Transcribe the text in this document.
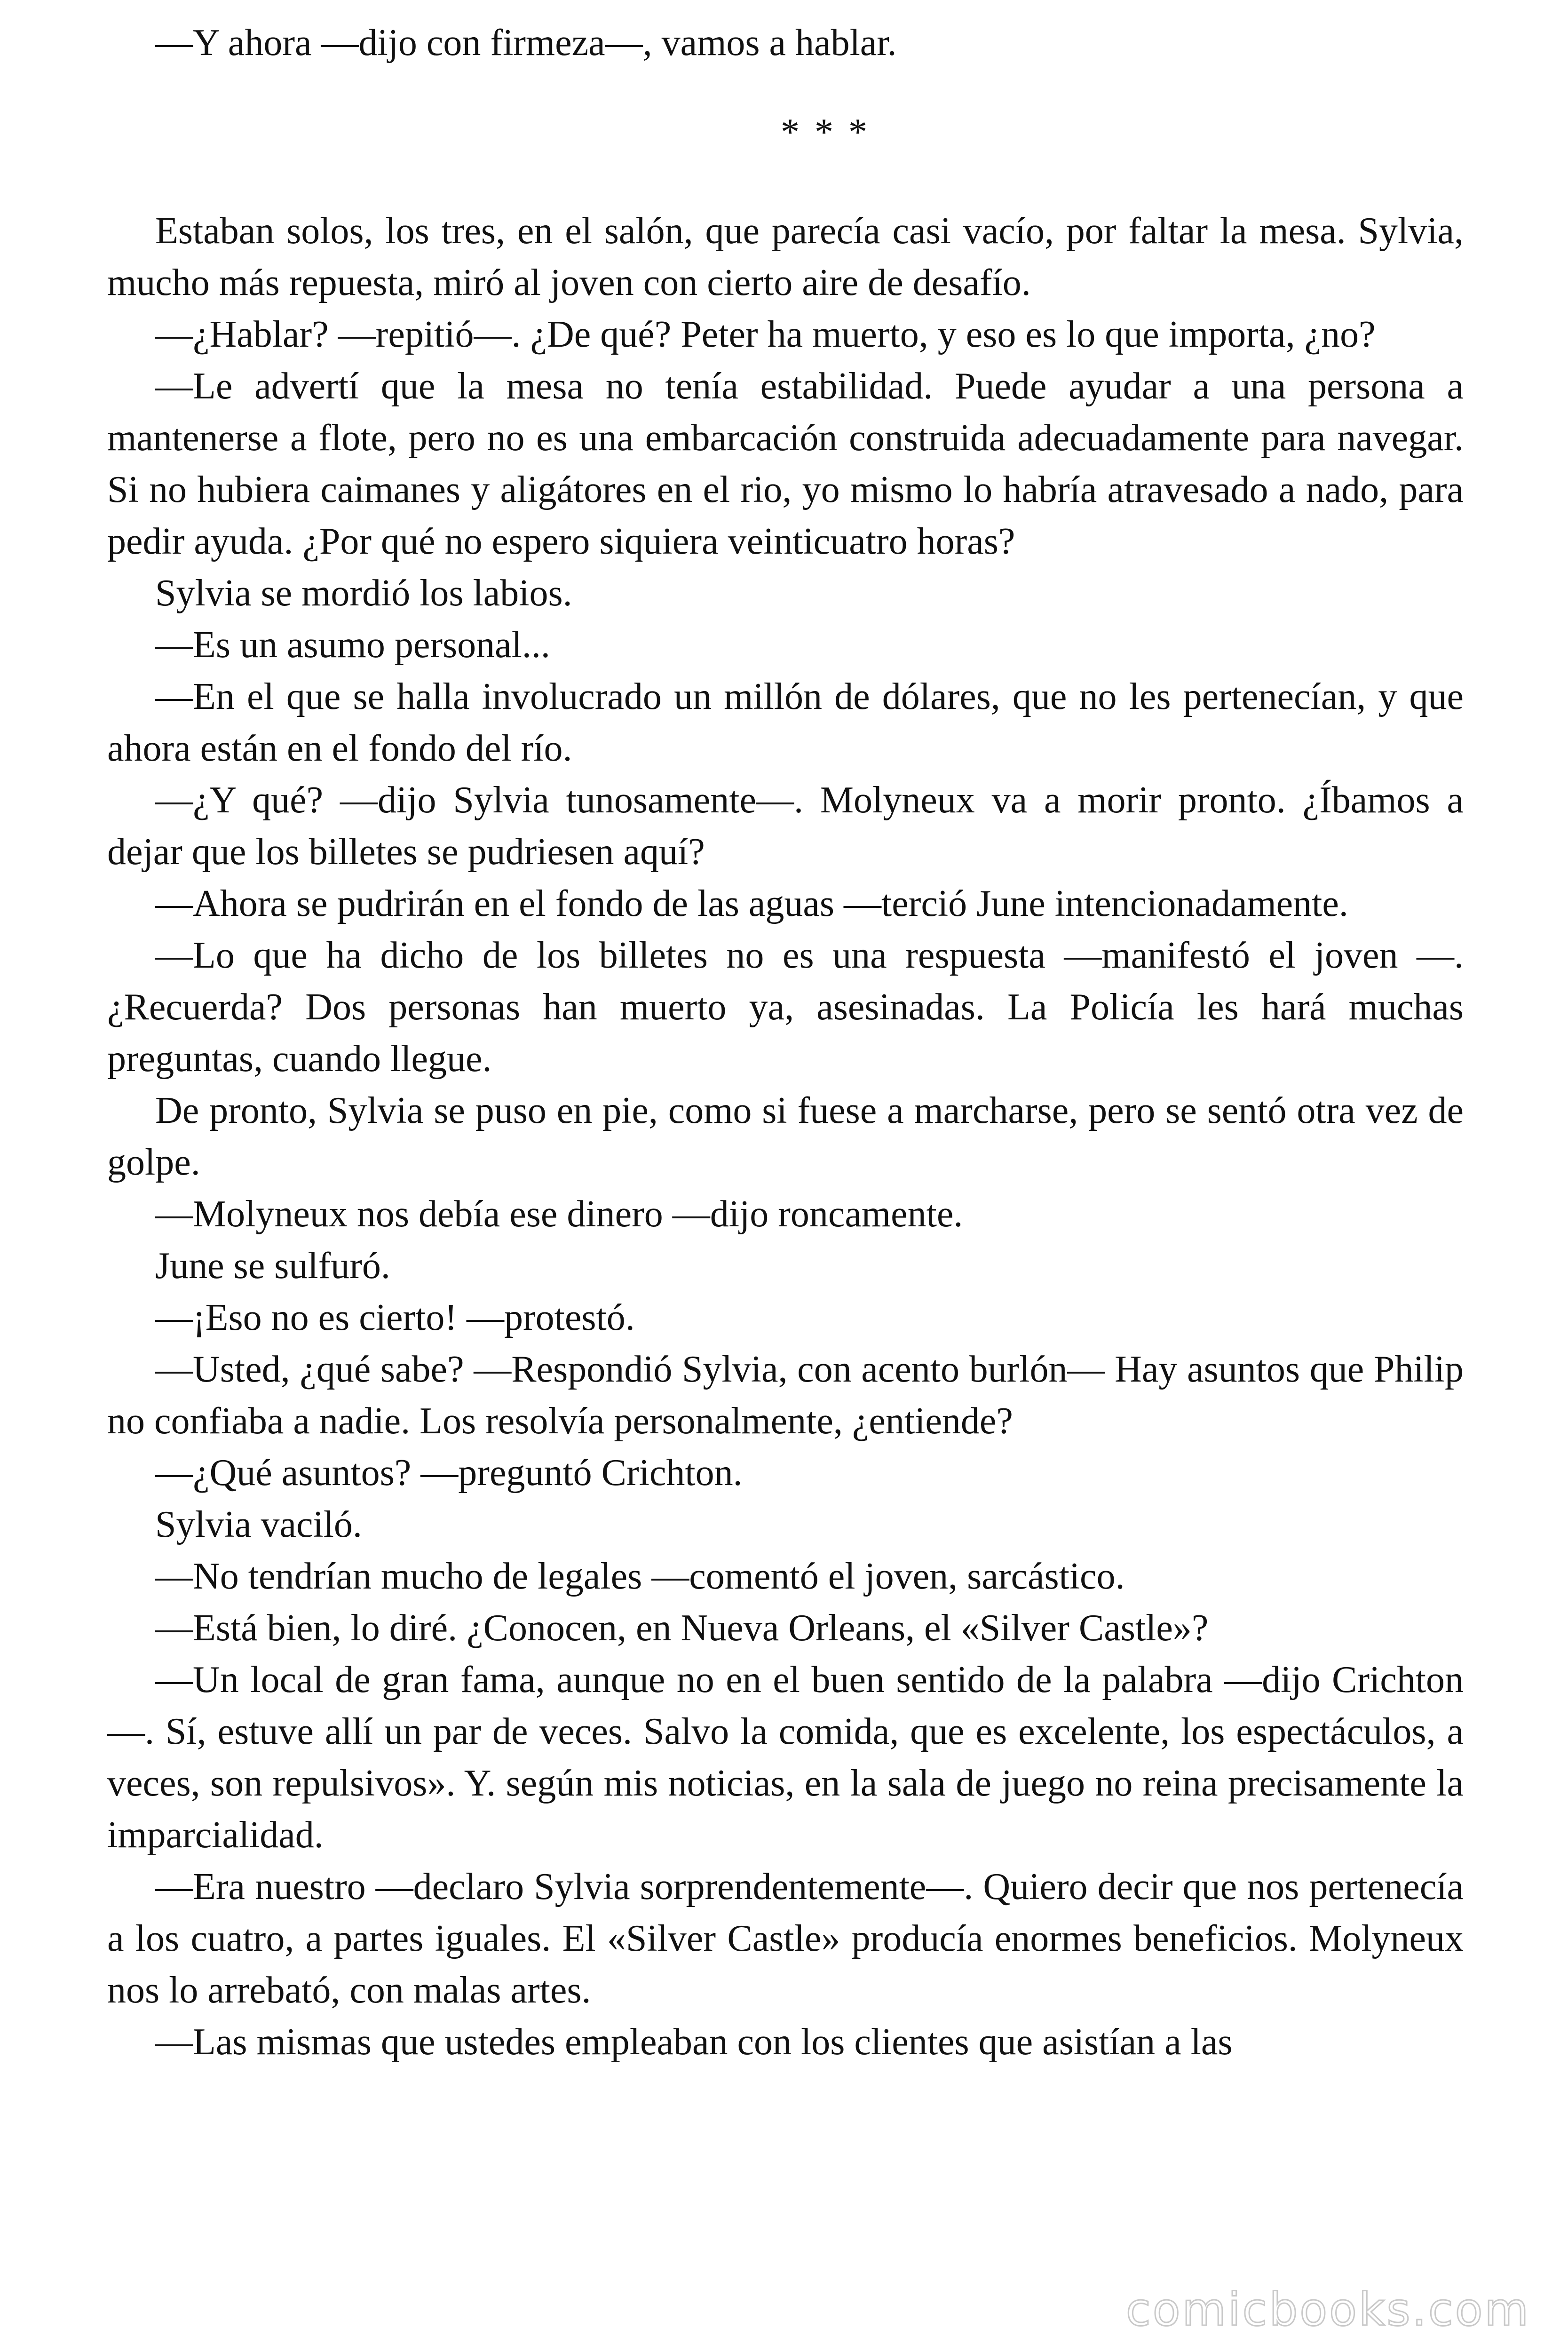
—Y ahora —dijo con firmeza—, vamos a hablar.

* * *

Estaban solos, los tres, en el salón, que parecía casi vacío, por faltar la mesa. Sylvia, mucho más repuesta, miró al joven con cierto aire de desafío.

—¿Hablar? —repitió—. ¿De qué? Peter ha muerto, y eso es lo que importa, ¿no?

—Le advertí que la mesa no tenía estabilidad. Puede ayudar a una persona a mantenerse a flote, pero no es una embarcación construida adecuadamente para navegar. Si no hubiera caimanes y aligátores en el rio, yo mismo lo habría atravesado a nado, para pedir ayuda. ¿Por qué no espero siquiera veinticuatro horas?

Sylvia se mordió los labios.

—Es un asumo personal...

—En el que se halla involucrado un millón de dólares, que no les pertenecían, y que ahora están en el fondo del río.

—¿Y qué? —dijo Sylvia tunosamente—. Molyneux va a morir pronto. ¿Íbamos a dejar que los billetes se pudriesen aquí?

—Ahora se pudrirán en el fondo de las aguas —terció June intencionadamente.

—Lo que ha dicho de los billetes no es una respuesta —manifestó el joven —. ¿Recuerda? Dos personas han muerto ya, asesinadas. La Policía les hará muchas preguntas, cuando llegue.

De pronto, Sylvia se puso en pie, como si fuese a marcharse, pero se sentó otra vez de golpe.

—Molyneux nos debía ese dinero —dijo roncamente.

June se sulfuró.

—¡Eso no es cierto! —protestó.

—Usted, ¿qué sabe? —Respondió Sylvia, con acento burlón— Hay asuntos que Philip no confiaba a nadie. Los resolvía personalmente, ¿entiende?

—¿Qué asuntos? —preguntó Crichton.

Sylvia vaciló.

—No tendrían mucho de legales —comentó el joven, sarcástico.

—Está bien, lo diré. ¿Conocen, en Nueva Orleans, el «Silver Castle»?

—Un local de gran fama, aunque no en el buen sentido de la palabra —dijo Crichton—. Sí, estuve allí un par de veces. Salvo la comida, que es excelente, los espectáculos, a veces, son repulsivos». Y. según mis noticias, en la sala de juego no reina precisamente la imparcialidad.

—Era nuestro —declaro Sylvia sorprendentemente—. Quiero decir que nos pertenecía a los cuatro, a partes iguales. El «Silver Castle» producía enormes beneficios. Molyneux nos lo arrebató, con malas artes.

—Las mismas que ustedes empleaban con los clientes que asistían a las

comicbooks.com
